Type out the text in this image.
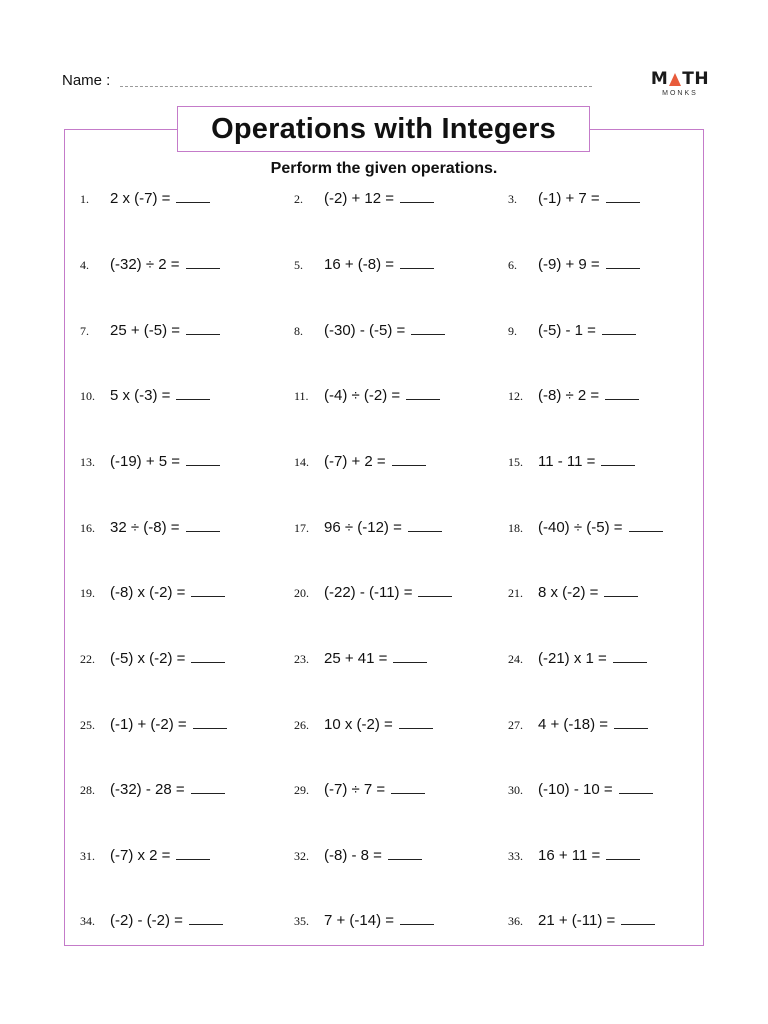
Name :	M TH
MONKS
Operations with Integers
Perform the given operations.
1.	2 x (-7) =	2.	(-2) + 12 =	3.	(-1) + 7 =
4.	(-32) ÷ 2 =	5.	16 + (-8) =	6.	(-9) + 9 =
7.	25 + (-5) =	8.	(-30) - (-5) =	9.	(-5) - 1 =
10.	5 x (-3) =	11.	(-4) ÷ (-2) =	12.	(-8) ÷ 2 =
13.	(-19) + 5 =	14.	(-7) + 2 =	15.	11 - 11 =
16.	32 ÷ (-8) =	17.	96 ÷ (-12) =	18.	(-40) ÷ (-5) =
19.	(-8) x (-2) =	20.	(-22) - (-11) =	21.	8 x (-2) =
22.	(-5) x (-2) =	23.	25 + 41 =	24.	(-21) x 1 =
25.	(-1) + (-2) =	26.	10 x (-2) =	27.	4 + (-18) =
28.	(-32) - 28 =	29.	(-7) ÷ 7 =	30.	(-10) - 10 =
31.	(-7) x 2 =	32.	(-8) - 8 =	33.	16 + 11 =
34.	(-2) - (-2) =	35.	7 + (-14) =	36.	21 + (-11) =
